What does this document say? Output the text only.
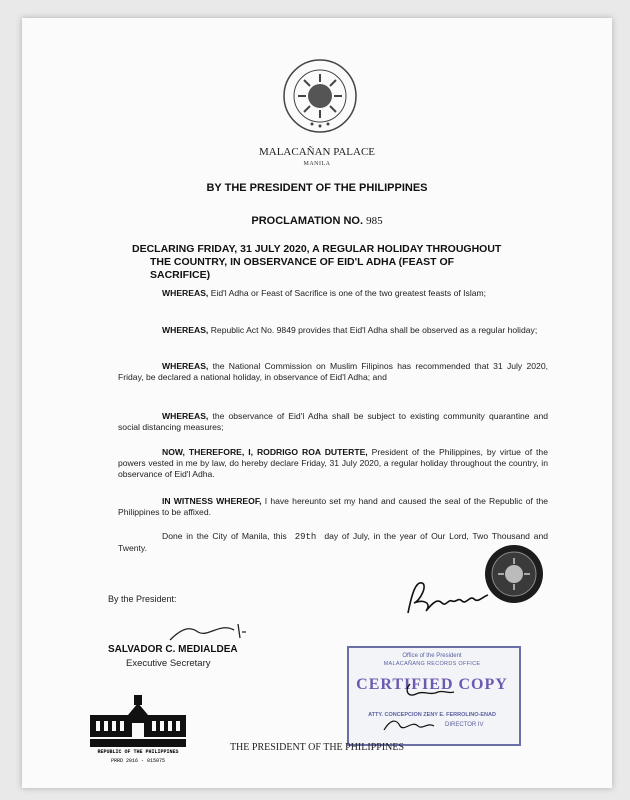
MALACAÑAN PALACE
MANILA
BY THE PRESIDENT OF THE PHILIPPINES
PROCLAMATION NO. 985
DECLARING FRIDAY, 31 JULY 2020, A REGULAR HOLIDAY THROUGHOUT
THE COUNTRY, IN OBSERVANCE OF EID'L ADHA (FEAST OF
SACRIFICE)
WHEREAS, Eid'l Adha or Feast of Sacrifice is one of the two greatest feasts of Islam;
WHEREAS, Republic Act No. 9849 provides that Eid'l Adha shall be observed as a regular holiday;
WHEREAS, the National Commission on Muslim Filipinos has recommended that 31 July 2020, Friday, be declared a national holiday, in observance of Eid'l Adha; and
WHEREAS, the observance of Eid'l Adha shall be subject to existing community quarantine and social distancing measures;
NOW, THEREFORE, I, RODRIGO ROA DUTERTE, President of the Philippines, by virtue of the powers vested in me by law, do hereby declare Friday, 31 July 2020, a regular holiday throughout the country, in observance of Eid'l Adha.
IN WITNESS WHEREOF, I have hereunto set my hand and caused the seal of the Republic of the Philippines to be affixed.
Done in the City of Manila, this 29th day of July, in the year of Our Lord, Two Thousand and Twenty.
By the President:
SALVADOR C. MEDIALDEA
Executive Secretary
Office of the President
MALACAÑANG RECORDS OFFICE
CERTIFIED COPY
ATTY. CONCEPCION ZENY E. FERROLINO-ENAD
DIRECTOR IV
REPUBLIC OF THE PHILIPPINES
PRRD 2016 - 015075
THE PRESIDENT OF THE PHILIPPINES
